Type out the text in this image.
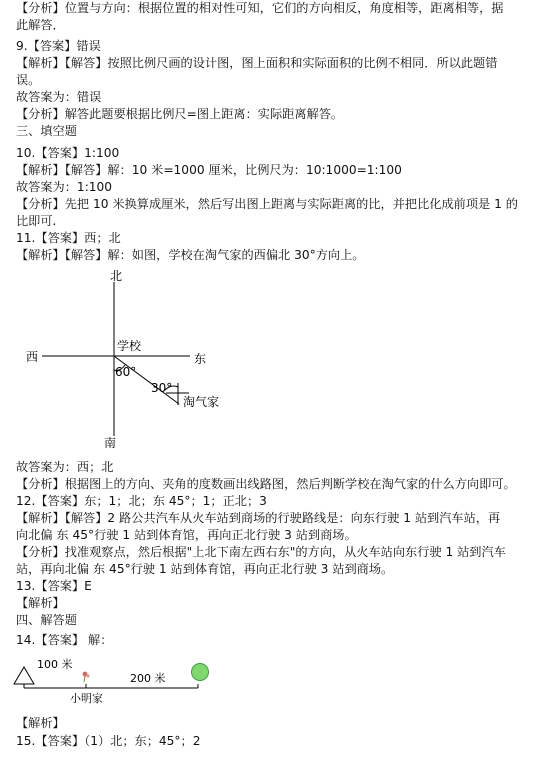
【分析】位置与方向：根据位置的相对性可知，它们的方向相反，角度相等，距离相等，据
此解答．
9.【答案】错误
【解析】【解答】按照比例尺画的设计图，图上面积和实际面积的比例不相同．所以此题错
误。
故答案为：错误
【分析】解答此题要根据比例尺=图上距离：实际距离解答。
三、填空题
10.【答案】1:100
【解析】【解答】解：10 米=1000 厘米，比例尺为：10:1000=1:100
故答案为：1:100
【分析】先把 10 米换算成厘米，然后写出图上距离与实际距离的比，并把比化成前项是 1 的
比即可.
11.【答案】西；北
【解析】【解答】解：如图，学校在淘气家的西偏北 30°方向上。
北
南
西	东
学校
60°
30°
淘气家
故答案为：西；北
【分析】根据图上的方向、夹角的度数画出线路图，然后判断学校在淘气家的什么方向即可。
12.【答案】东；1；北；东 45°；1；正北；3
【解析】【解答】2 路公共汽车从火车站到商场的行驶路线是：向东行驶 1 站到汽车站，再
向北偏 东 45°行驶 1 站到体育馆，再向正北行驶 3 站到商场。
【分析】找准观察点，然后根据"上北下南左西右东"的方向，从火车站向东行驶 1 站到汽车
站，再向北偏 东 45°行驶 1 站到体育馆，再向正北行驶 3 站到商场。
13.【答案】E
【解析】
四、解答题
14.【答案】 解：
100 米
200 米
小明家
【解析】
15.【答案】（1）北；东；45°；2
